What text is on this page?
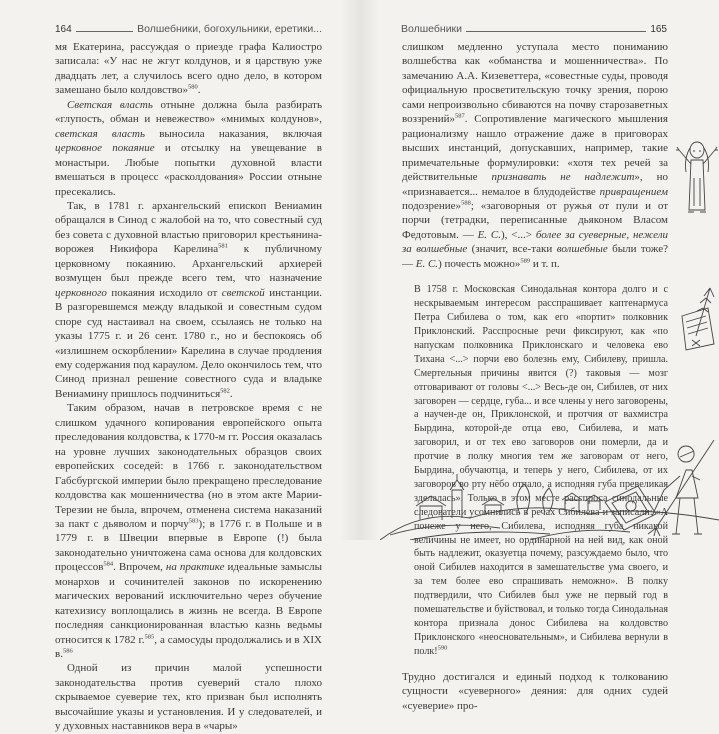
164	Волшебники, богохульники, еретики...	Волшебники	165

мя Екатерина, рассуждая о приезде графа Калиостро записала: «У нас не жгут колдунов, и я царствую уже двадцать лет, а случилось всего одно дело, в котором замешано было колдовство»$^{580}$.

Светская власть отныне должна была разбирать «глупость, обман и невежество» «мнимых колдунов», светская власть выносила наказания, включая церковное покаяние и отсылку на увещевание в монастыри. Любые попытки духовной власти вмешаться в процесс «расколдования» России отныне пресекались.

Так, в 1781 г. архангельский епископ Вениамин обращался в Синод с жалобой на то, что совестный суд без совета с духовной властью приговорил крестьянина-ворожея Никифора Карелина$^{581}$ к публичному церковному покаянию. Архангельский архиерей возмущен был прежде всего тем, что назначение церковного покаяния исходило от светской инстанции. В разгоревшемся между владыкой и совестным судом споре суд настаивал на своем, ссылаясь не только на указы 1775 г. и 26 сент. 1780 г., но и беспокоясь об «излишнем оскорблении» Карелина в случае продления ему содержания под караулом. Дело окончилось тем, что Синод признал решение совестного суда и владыке Вениамину пришлось подчиниться$^{582}$.

Таким образом, начав в петровское время с не слишком удачного копирования европейского опыта преследования колдовства, к 1770-м гг. Россия оказалась на уровне лучших законодательных образцов своих европейских соседей: в 1766 г. законодательством Габсбургской империи было прекращено преследование колдовства как мошенничества (но в этом акте Марии-Терезии не была, впрочем, отменена система наказаний за пакт с дьяволом и порчу$^{583}$); в 1776 г. в Польше и в 1779 г. в Швеции впервые в Европе (!) была законодательно уничтожена сама основа для колдовских процессов$^{584}$. Впрочем, на практике идеальные замыслы монархов и сочинителей законов по искоренению магических верований исключительно через обучение катехизису воплощались в жизнь не всегда. В Европе последняя санкционированная властью казнь ведьмы относится к 1782 г.$^{585}$, а самосуды продолжались и в XIX в.$^{586}$

Одной из причин малой успешности законодательства против суеверий стало плохо скрываемое суеверие тех, кто призван был исполнять высочайшие указы и установления. И у следователей, и у духовных наставников вера в «чары»

слишком медленно уступала место пониманию волшебства как «обманства и мошенничества». По замечанию А.А. Кизеветтера, «совестные суды, проводя официальную просветительскую точку зрения, порою сами непроизвольно сбиваются на почву старозаветных воззрений»$^{587}$. Сопротивление магического мышления рационализму нашло отражение даже в приговорах высших инстанций, допускавших, например, такие примечательные формулировки: «хотя тех речей за действительные признавать не надлежит», но «признавается... немалое в блудодействе привращением подозрение»$^{588}$; «заговорныя от ружья от пули и от порчи (тетрадки, переписанные дьяконом Власом Федотовым. — Е. С.), <...> более за суеверные, нежели за волшебные (значит, все-таки волшебные были тоже? — Е. С.) почесть можно»$^{589}$ и т. п.

В 1758 г. Московская Синодальная контора долго и с нескрываемым интересом расспрашивает каптенармуса Петра Сибилева о том, как его «портит» полковник Приклонский. Расспросные речи фиксируют, как «по напускам полковника Приклонскаго и человека ево Тихана <...> порчи ево болезнь ему, Сибилеву, пришла. Смертельныя причины явится (?) таковыя — мозг отговаривают от головы <...> Весь-де он, Сибилев, от них заговорен — сердце, губа... и все члены у него заговорены, а научен-де он, Приклонской, и протчия от вахмистра Бырдина, которой-де отца ево, Сибилева, и мать заговорил, и от тех ево заговоров они померли, да и протчие в полку многия тем же заговорам от него, Бырдина, обучаютца, и теперь у него, Сибилева, от их заговоров во рту нёбо отпало, а исподняя губа превеликая зделалась». Только в этом месте расспроса синодальные следователи усомнились в речах Сибилева и записали: «А понеже у него, Сибилева, исподняя губа никакой величины не имеет, но ординарной на ней вид, как оной быть надлежит, оказуетца почему, разсуждаемо было, что оной Сибилев находится в замешательстве ума своего, и за тем более ево спрашивать неможно». В полку подтвердили, что Сибилев был уже не первый год в помешательстве и буйствовал, и только тогда Синодальная контора признала донос Сибилева на колдовство Приклонского «неосновательным», и Сибилева вернули в полк!$^{590}$

Трудно достигался и единый подход к толкованию сущности «суеверного» деяния: для одних судей «суеверие» про-
